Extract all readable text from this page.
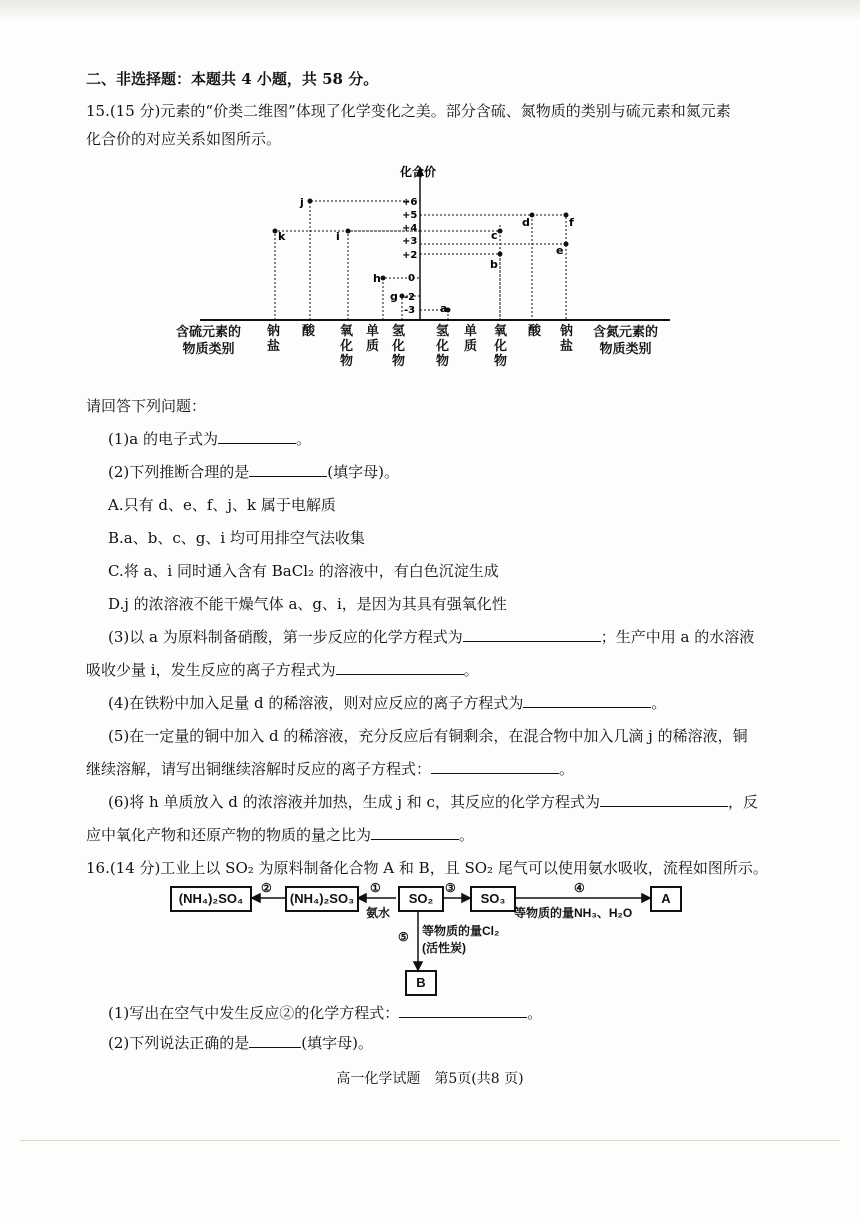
二、非选择题：本题共 4 小题，共 58 分。
15.(15 分)元素的“价类二维图”体现了化学变化之美。部分含硫、氮物质的类别与硫元素和氮元素
化合价的对应关系如图所示。
化合价
+6
+5
+4
+3
+2
0
-2
-3 a
b
c
d
e
f
g
h
i
j
k
含硫元素的
物质类别
含氮元素的
物质类别
钠盐
酸 氧化物
单质
氢化物
氢化物
单质
氧化物
酸 钠盐
请回答下列问题：
(1)a 的电子式为	。
(2)下列推断合理的是	(填字母)。
A.只有 d、e、f、j、k 属于电解质
B.a、b、c、g、i 均可用排空气法收集
C.将 a、i 同时通入含有 BaCl₂ 的溶液中，有白色沉淀生成
D.j 的浓溶液不能干燥气体 a、g、i，是因为其具有强氧化性
(3)以 a 为原料制备硝酸，第一步反应的化学方程式为	；生产中用 a 的水溶液
吸收少量 i，发生反应的离子方程式为	。
(4)在铁粉中加入足量 d 的稀溶液，则对应反应的离子方程式为	。
(5)在一定量的铜中加入 d 的稀溶液，充分反应后有铜剩余，在混合物中加入几滴 j 的稀溶液，铜
继续溶解，请写出铜继续溶解时反应的离子方程式：	。
(6)将 h 单质放入 d 的浓溶液并加热，生成 j 和 c，其反应的化学方程式为	，反
应中氧化产物和还原产物的物质的量之比为	。
16.(14 分)工业上以 SO₂ 为原料制备化合物 A 和 B，且 SO₂ 尾气可以使用氨水吸收，流程如图所示。
(NH₄)₂SO₄	(NH₄)₂SO₃	SO₂	SO₃	A
B
②	①
氨水
③	④
等物质的量NH₃、H₂O
⑤ 等物质的量Cl₂
(活性炭)
(1)写出在空气中发生反应②的化学方程式：	。
(2)下列说法正确的是	(填字母)。
高一化学试题　第5页(共8 页)
